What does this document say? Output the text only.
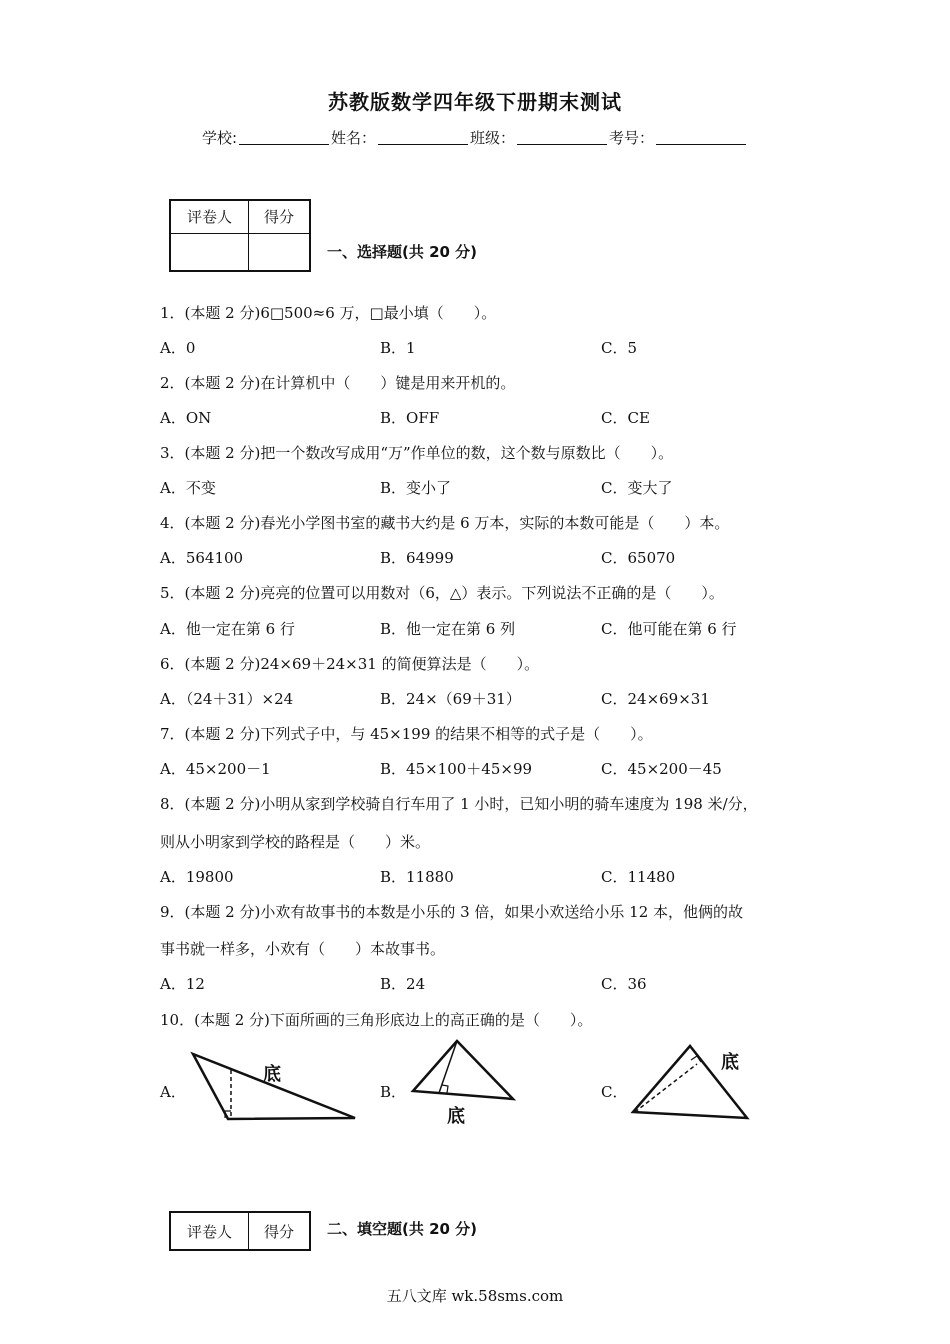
苏教版数学四年级下册期末测试
学校:	姓名：	班级：	考号：
评卷人	得分

一、选择题(共 20 分)
1．(本题 2 分)6□500≈6 万，□最小填（　　）。
A．0	B．1	C．5
2．(本题 2 分)在计算机中（　　）键是用来开机的。
A．ON	B．OFF	C．CE
3．(本题 2 分)把一个数改写成用“万”作单位的数，这个数与原数比（　　）。
A．不变	B．变小了	C．变大了
4．(本题 2 分)春光小学图书室的藏书大约是 6 万本，实际的本数可能是（　　）本。
A．564100	B．64999	C．65070
5．(本题 2 分)亮亮的位置可以用数对（6，△）表示。下列说法不正确的是（　　）。
A．他一定在第 6 行	B．他一定在第 6 列	C．他可能在第 6 行
6．(本题 2 分)24×69＋24×31 的简便算法是（　　）。
A．（24＋31）×24	B．24×（69＋31）	C．24×69×31
7．(本题 2 分)下列式子中，与 45×199 的结果不相等的式子是（　　）。
A．45×200－1	B．45×100＋45×99	C．45×200－45
8．(本题 2 分)小明从家到学校骑自行车用了 1 小时，已知小明的骑车速度为 198 米/分，
则从小明家到学校的路程是（　　）米。
A．19800	B．11880	C．11480
9．(本题 2 分)小欢有故事书的本数是小乐的 3 倍，如果小欢送给小乐 12 本，他俩的故
事书就一样多，小欢有（　　）本故事书。
A．12	B．24	C．36
10．(本题 2 分)下面所画的三角形底边上的高正确的是（　　）。
A．	B．	C．
底
底
底
评卷人	得分 二、填空题(共 20 分)
五八文库 wk.58sms.com
